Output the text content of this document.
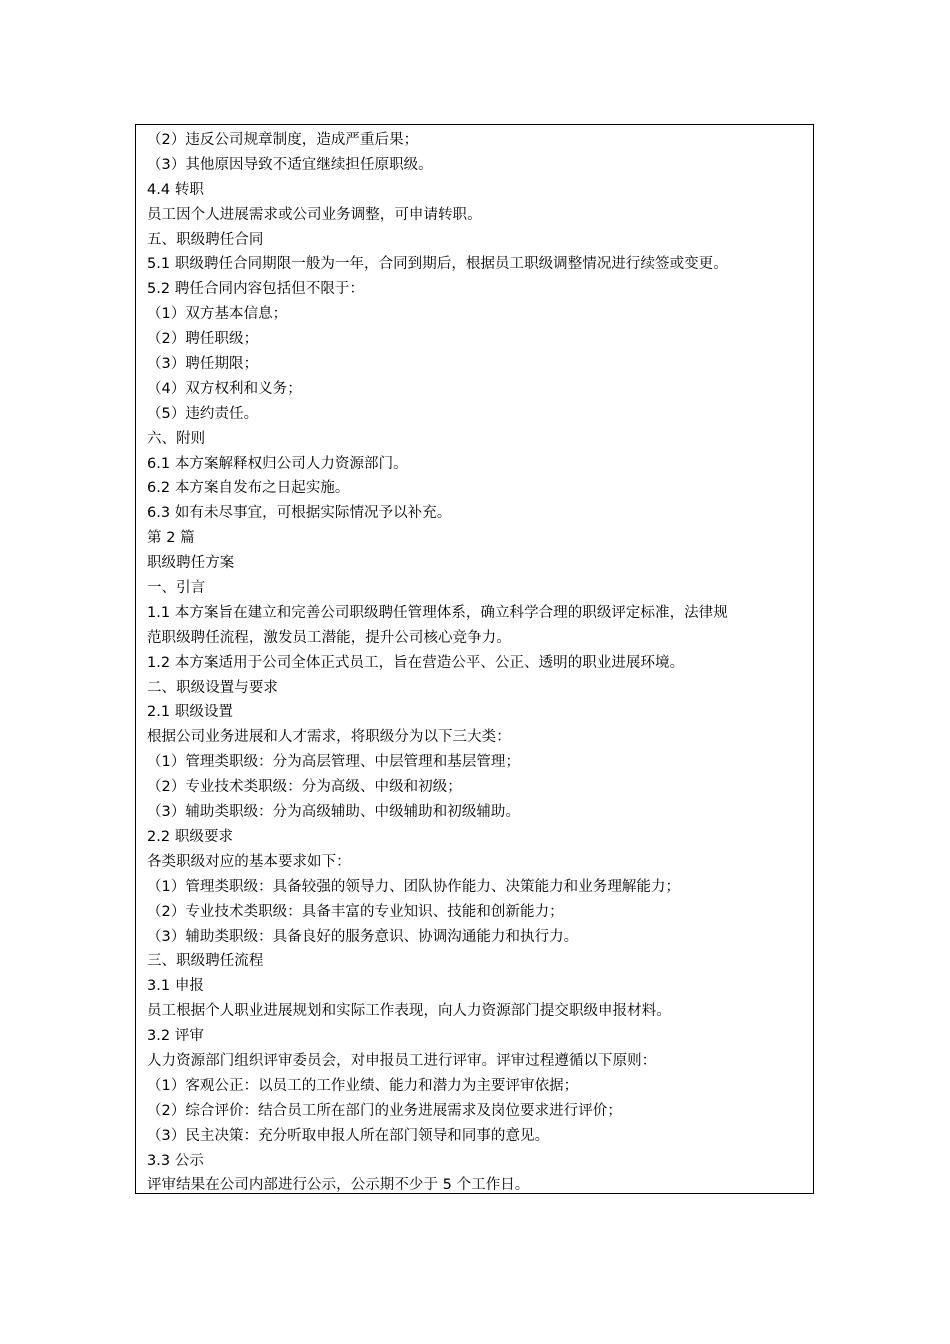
（2）违反公司规章制度，造成严重后果；
（3）其他原因导致不适宜继续担任原职级。
4.4 转职
员工因个人进展需求或公司业务调整，可申请转职。
五、职级聘任合同
5.1 职级聘任合同期限一般为一年，合同到期后，根据员工职级调整情况进行续签或变更。
5.2 聘任合同内容包括但不限于：
（1）双方基本信息；
（2）聘任职级；
（3）聘任期限；
（4）双方权利和义务；
（5）违约责任。
六、附则
6.1 本方案解释权归公司人力资源部门。
6.2 本方案自发布之日起实施。
6.3 如有未尽事宜，可根据实际情况予以补充。
第 2 篇
职级聘任方案
一、引言
1.1 本方案旨在建立和完善公司职级聘任管理体系，确立科学合理的职级评定标准，法律规
范职级聘任流程，激发员工潜能，提升公司核心竞争力。
1.2 本方案适用于公司全体正式员工，旨在营造公平、公正、透明的职业进展环境。
二、职级设置与要求
2.1 职级设置
根据公司业务进展和人才需求，将职级分为以下三大类：
（1）管理类职级：分为高层管理、中层管理和基层管理；
（2）专业技术类职级：分为高级、中级和初级；
（3）辅助类职级：分为高级辅助、中级辅助和初级辅助。
2.2 职级要求
各类职级对应的基本要求如下：
（1）管理类职级：具备较强的领导力、团队协作能力、决策能力和业务理解能力；
（2）专业技术类职级：具备丰富的专业知识、技能和创新能力；
（3）辅助类职级：具备良好的服务意识、协调沟通能力和执行力。
三、职级聘任流程
3.1 申报
员工根据个人职业进展规划和实际工作表现，向人力资源部门提交职级申报材料。
3.2 评审
人力资源部门组织评审委员会，对申报员工进行评审。评审过程遵循以下原则：
（1）客观公正：以员工的工作业绩、能力和潜力为主要评审依据；
（2）综合评价：结合员工所在部门的业务进展需求及岗位要求进行评价；
（3）民主决策：充分听取申报人所在部门领导和同事的意见。
3.3 公示
评审结果在公司内部进行公示，公示期不少于 5 个工作日。
